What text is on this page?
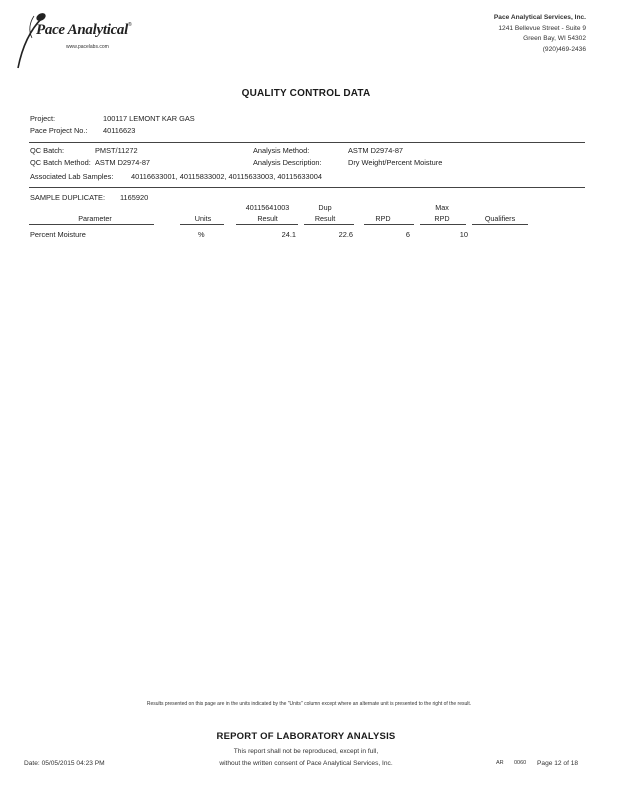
Pace Analytical ®
www.pacelabs.com
Pace Analytical Services, Inc.
1241 Bellevue Street - Suite 9
Green Bay, WI 54302
(920)469-2436
QUALITY CONTROL DATA
Project:	100117 LEMONT KAR GAS
Pace Project No.: 40116623
QC Batch:	PMST/11272	Analysis Method:	ASTM D2974-87
QC Batch Method: ASTM D2974-87	Analysis Description:	Dry Weight/Percent Moisture
Associated Lab Samples: 40116633001, 40115833002, 40115633003, 40115633004
SAMPLE DUPLICATE: 1165920
40115641003	Dup	Max
Parameter	Units	Result	Result	RPD	RPD	Qualifiers
Percent Moisture	%	24.1	22.6	6	10
Results presented on this page are in the units indicated by the "Units" column except where an alternate unit is presented to the right of the result.
REPORT OF LABORATORY ANALYSIS
This report shall not be reproduced, except in full,
without the written consent of Pace Analytical Services, Inc.
Date: 05/05/2015 04:23 PM	AR 0060 Page 12 of 18
